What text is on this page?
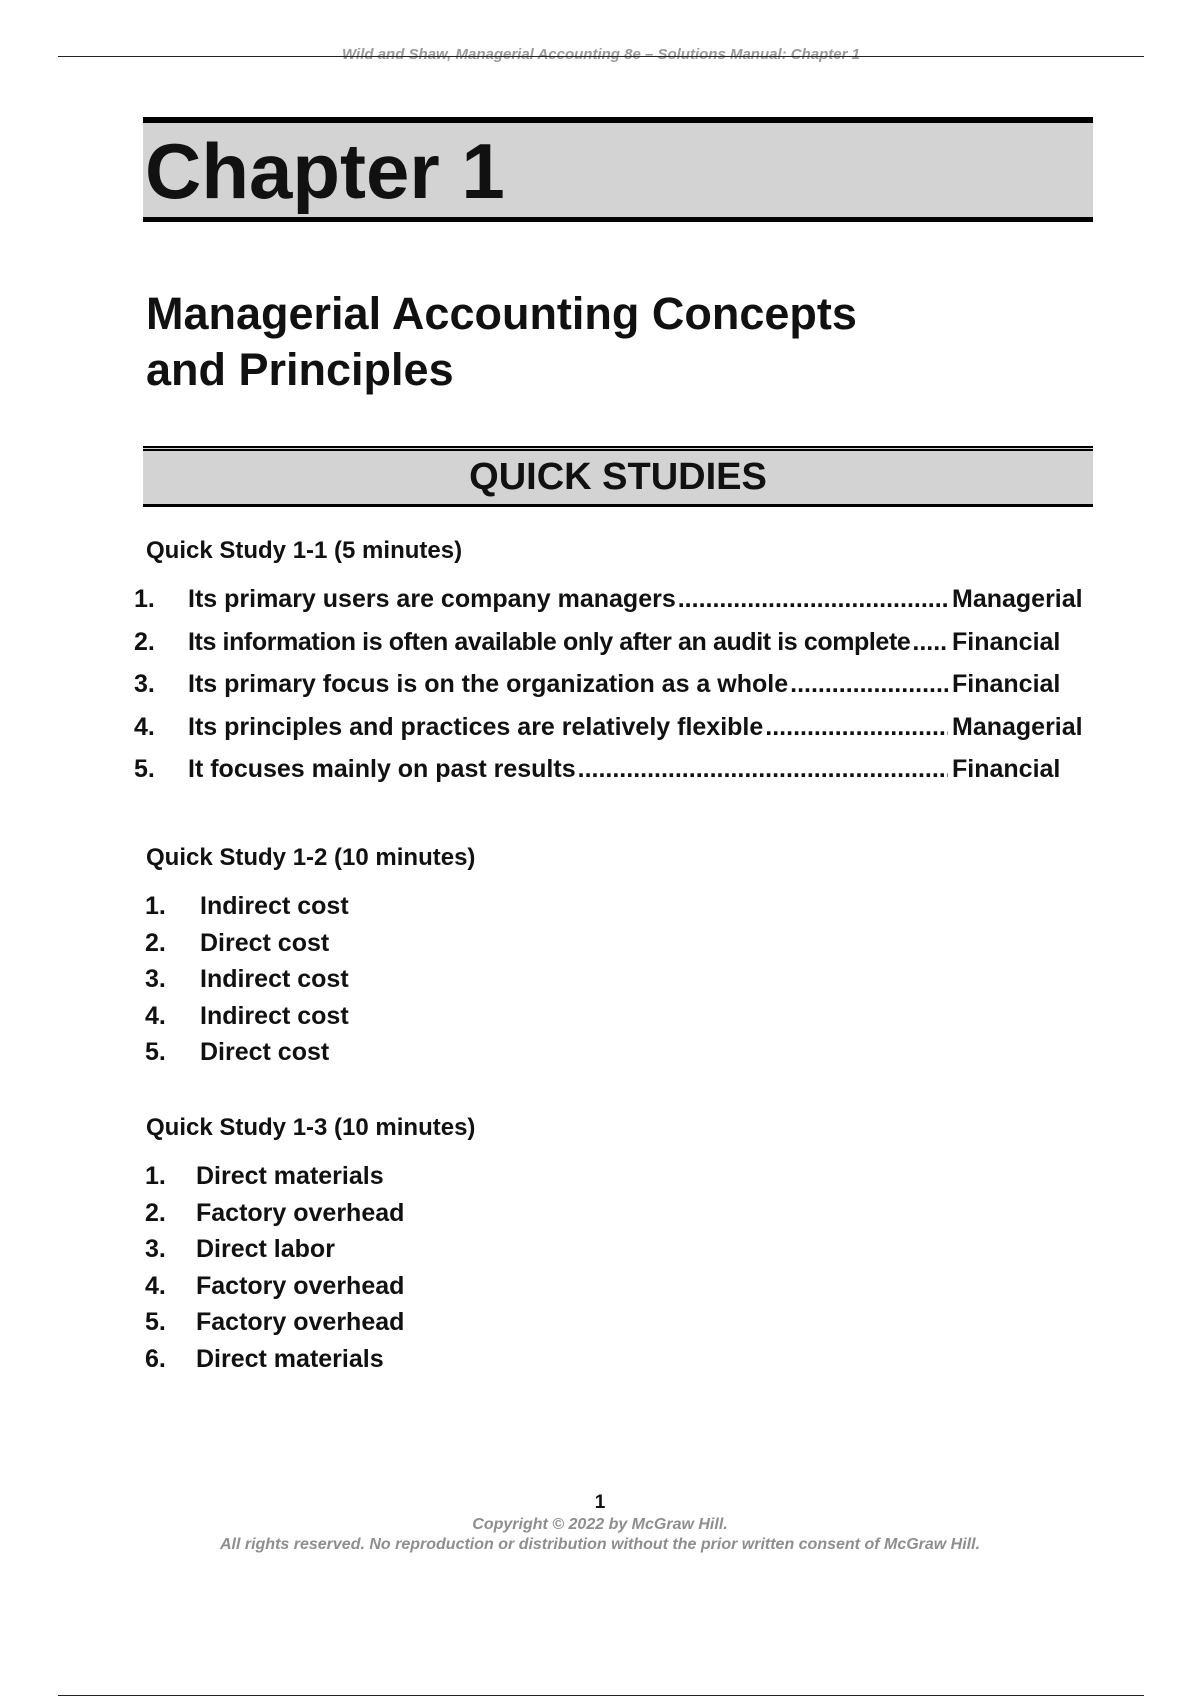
Wild and Shaw, Managerial Accounting 8e – Solutions Manual: Chapter 1
Chapter 1
Managerial Accounting Concepts
and Principles
QUICK STUDIES
Quick Study 1-1 (5 minutes)
1.	Its primary users are company managers .....	Managerial
2.	Its information is often available only after an audit is complete ..... Financial
3.	Its primary focus is on the organization as a whole .....	Financial
4.	Its principles and practices are relatively flexible .....	Managerial
5.	It focuses mainly on past results .....	Financial
Quick Study 1-2 (10 minutes)
1.	Indirect cost
2.	Direct cost
3.	Indirect cost
4.	Indirect cost
5.	Direct cost
Quick Study 1-3 (10 minutes)
1.	Direct materials
2.	Factory overhead
3.	Direct labor
4.	Factory overhead
5.	Factory overhead
6.	Direct materials
1
Copyright © 2022 by McGraw Hill.
All rights reserved. No reproduction or distribution without the prior written consent of McGraw Hill.
